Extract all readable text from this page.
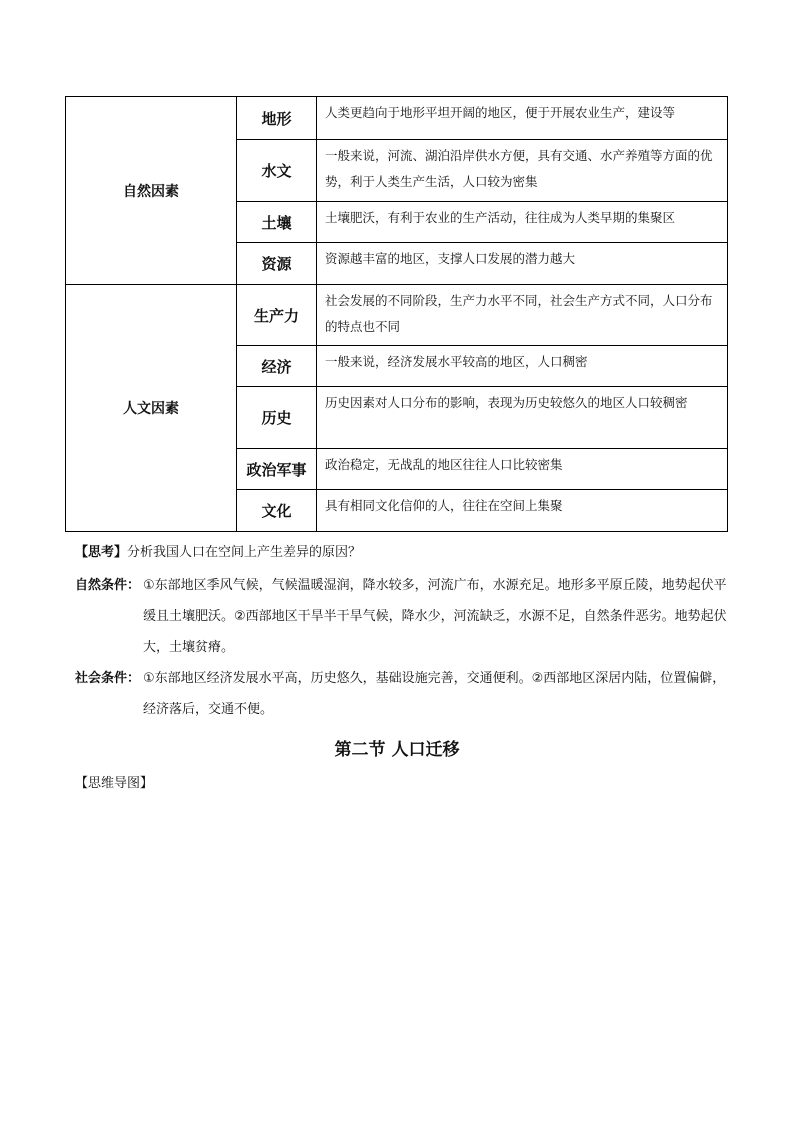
自然因素	地形	人类更趋向于地形平坦开阔的地区，便于开展农业生产，建设等
	水文	一般来说，河流、湖泊沿岸供水方便，具有交通、水产养殖等方面的优势，利于人类生产生活，人口较为密集
	土壤	土壤肥沃，有利于农业的生产活动，往往成为人类早期的集聚区
	资源	资源越丰富的地区，支撑人口发展的潜力越大
人文因素	生产力	社会发展的不同阶段，生产力水平不同，社会生产方式不同，人口分布的特点也不同
	经济	一般来说，经济发展水平较高的地区，人口稠密
	历史	历史因素对人口分布的影响，表现为历史较悠久的地区人口较稠密
	政治军事	政治稳定，无战乱的地区往往人口比较密集
	文化	具有相同文化信仰的人，往往在空间上集聚
【思考】分析我国人口在空间上产生差异的原因？
自然条件： ①东部地区季风气候，气候温暖湿润，降水较多，河流广布，水源充足。地形多平原丘陵，地势起伏平缓且土壤肥沃。②西部地区干旱半干旱气候，降水少，河流缺乏，水源不足，自然条件恶劣。地势起伏大，土壤贫瘠。
社会条件： ①东部地区经济发展水平高，历史悠久，基础设施完善，交通便利。②西部地区深居内陆，位置偏僻，经济落后，交通不便。
第二节 人口迁移
【思维导图】
